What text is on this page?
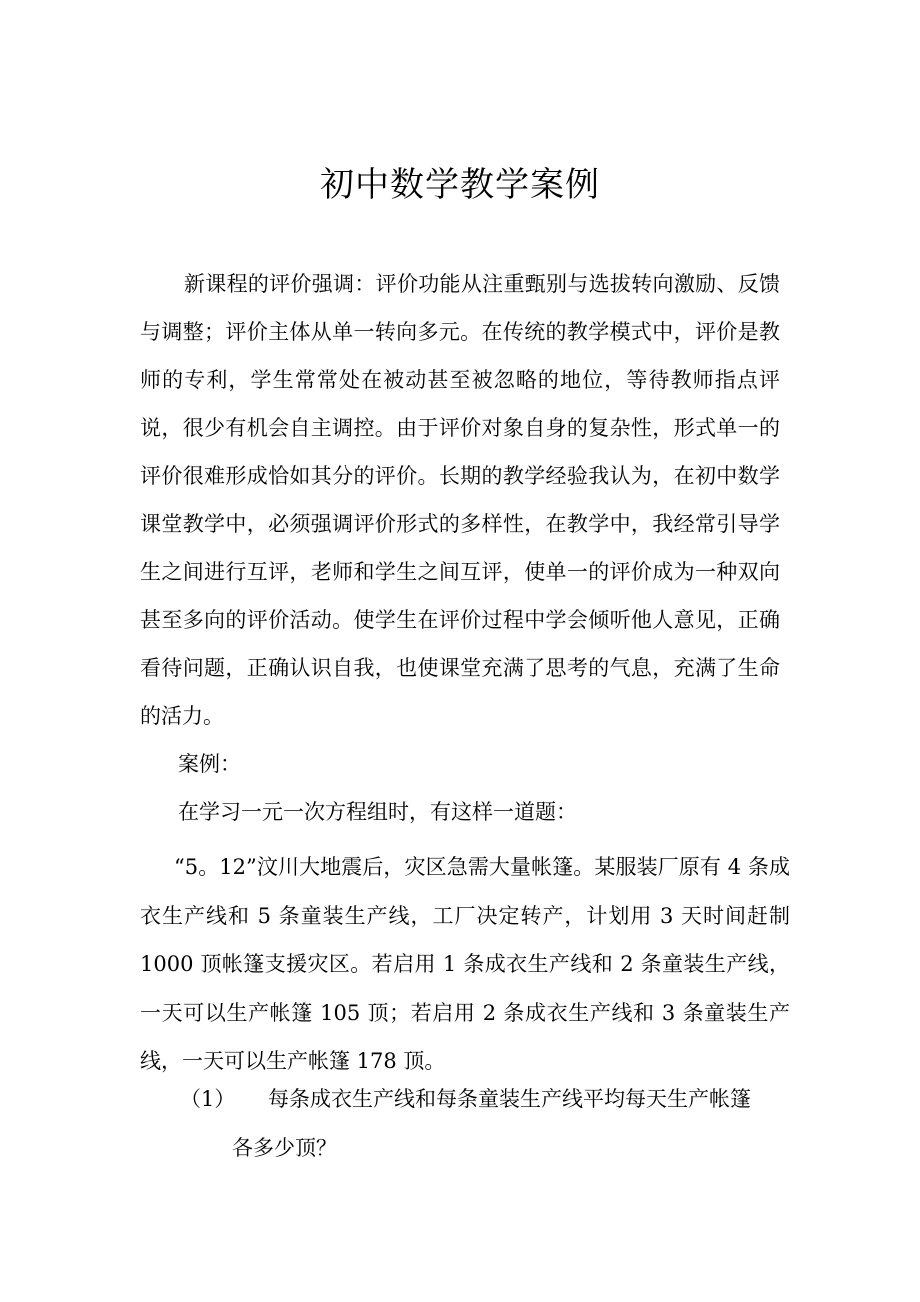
初中数学教学案例

新课程的评价强调：评价功能从注重甄别与选拔转向激励、反馈与调整；评价主体从单一转向多元。在传统的教学模式中，评价是教师的专利，学生常常处在被动甚至被忽略的地位，等待教师指点评说，很少有机会自主调控。由于评价对象自身的复杂性，形式单一的评价很难形成恰如其分的评价。长期的教学经验我认为，在初中数学课堂教学中，必须强调评价形式的多样性，在教学中，我经常引导学生之间进行互评，老师和学生之间互评，使单一的评价成为一种双向甚至多向的评价活动。使学生在评价过程中学会倾听他人意见，正确看待问题，正确认识自我，也使课堂充满了思考的气息，充满了生命的活力。

案例：

在学习一元一次方程组时，有这样一道题：

“5。12”汶川大地震后，灾区急需大量帐篷。某服装厂原有 4 条成衣生产线和 5 条童装生产线，工厂决定转产，计划用 3 天时间赶制 1000 顶帐篷支援灾区。若启用 1 条成衣生产线和 2 条童装生产线，一天可以生产帐篷 105 顶；若启用 2 条成衣生产线和 3 条童装生产线，一天可以生产帐篷 178 顶。

（1） 每条成衣生产线和每条童装生产线平均每天生产帐篷
各多少顶？
